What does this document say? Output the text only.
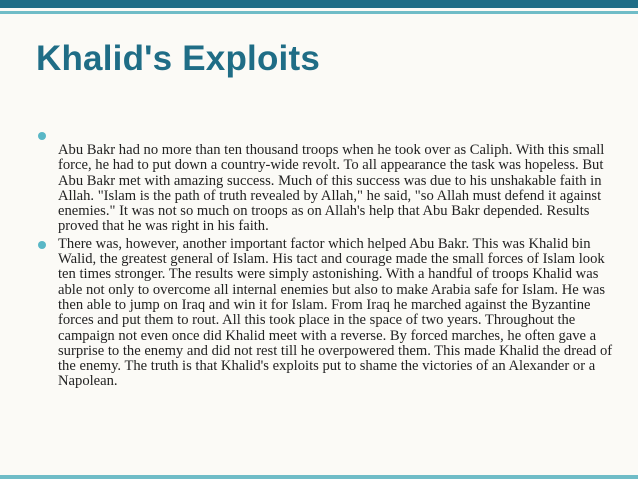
Khalid's Exploits
Abu Bakr had no more than ten thousand troops when he took over as Caliph. With this small force, he had to put down a country-wide revolt. To all appearance the task was hopeless. But Abu Bakr met with amazing success. Much of this success was due to his unshakable faith in Allah. "Islam is the path of truth revealed by Allah," he said, "so Allah must defend it against enemies." It was not so much on troops as on Allah's help that Abu Bakr depended. Results proved that he was right in his faith.
There was, however, another important factor which helped Abu Bakr. This was Khalid bin Walid, the greatest general of Islam. His tact and courage made the small forces of Islam look ten times stronger. The results were simply astonishing. With a handful of troops Khalid was able not only to overcome all internal enemies but also to make Arabia safe for Islam. He was then able to jump on Iraq and win it for Islam. From Iraq he marched against the Byzantine forces and put them to rout. All this took place in the space of two years. Throughout the campaign not even once did Khalid meet with a reverse. By forced marches, he often gave a surprise to the enemy and did not rest till he overpowered them. This made Khalid the dread of the enemy. The truth is that Khalid's exploits put to shame the victories of an Alexander or a Napolean.
